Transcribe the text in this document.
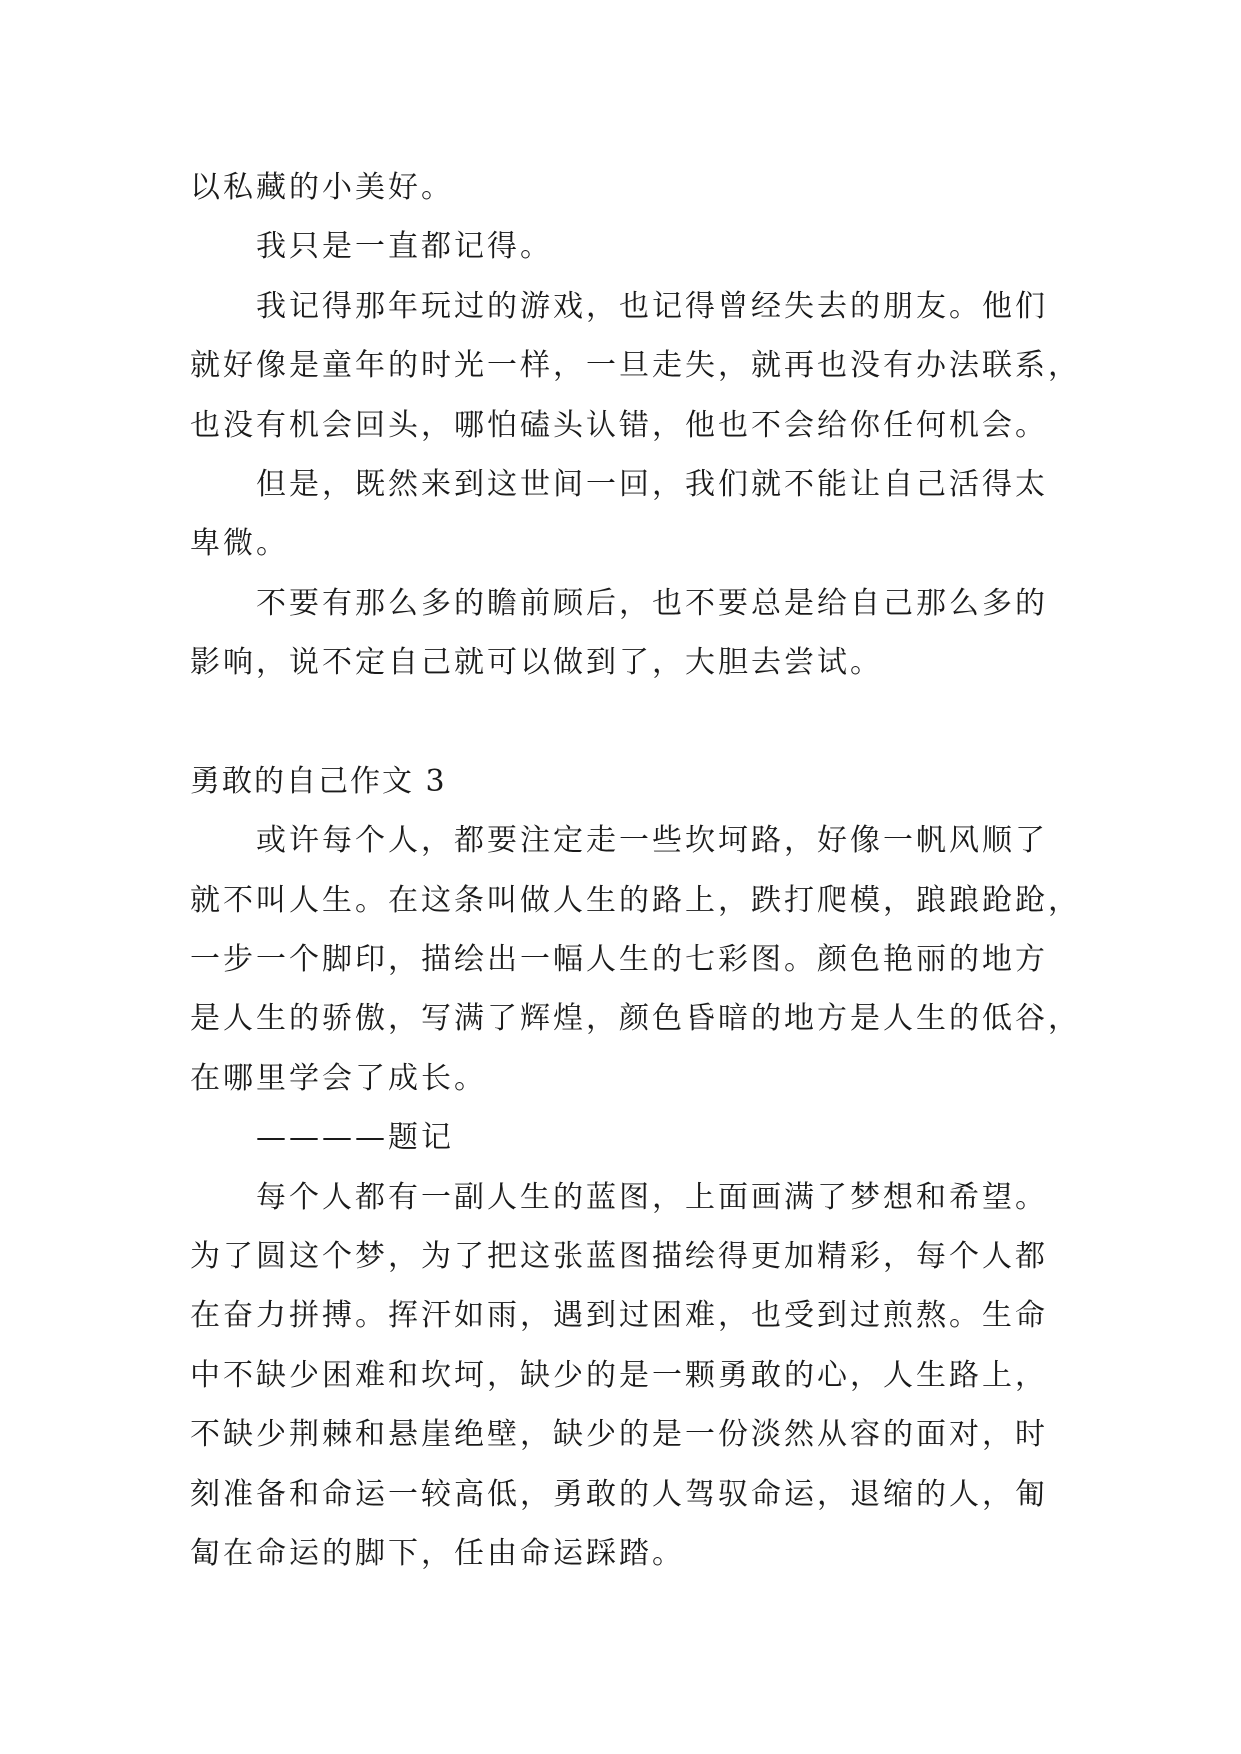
以私藏的小美好。
我只是一直都记得。
我记得那年玩过的游戏，也记得曾经失去的朋友。他们
就好像是童年的时光一样，一旦走失，就再也没有办法联系，
也没有机会回头，哪怕磕头认错，他也不会给你任何机会。
但是，既然来到这世间一回，我们就不能让自己活得太
卑微。
不要有那么多的瞻前顾后，也不要总是给自己那么多的
影响，说不定自己就可以做到了，大胆去尝试。
勇敢的自己作文 3
或许每个人，都要注定走一些坎坷路，好像一帆风顺了
就不叫人生。在这条叫做人生的路上，跌打爬模，踉踉跄跄，
一步一个脚印，描绘出一幅人生的七彩图。颜色艳丽的地方
是人生的骄傲，写满了辉煌，颜色昏暗的地方是人生的低谷，
在哪里学会了成长。
————题记
每个人都有一副人生的蓝图，上面画满了梦想和希望。
为了圆这个梦，为了把这张蓝图描绘得更加精彩，每个人都
在奋力拼搏。挥汗如雨，遇到过困难，也受到过煎熬。生命
中不缺少困难和坎坷，缺少的是一颗勇敢的心，人生路上，
不缺少荆棘和悬崖绝壁，缺少的是一份淡然从容的面对，时
刻准备和命运一较高低，勇敢的人驾驭命运，退缩的人，匍
匐在命运的脚下，任由命运踩踏。
